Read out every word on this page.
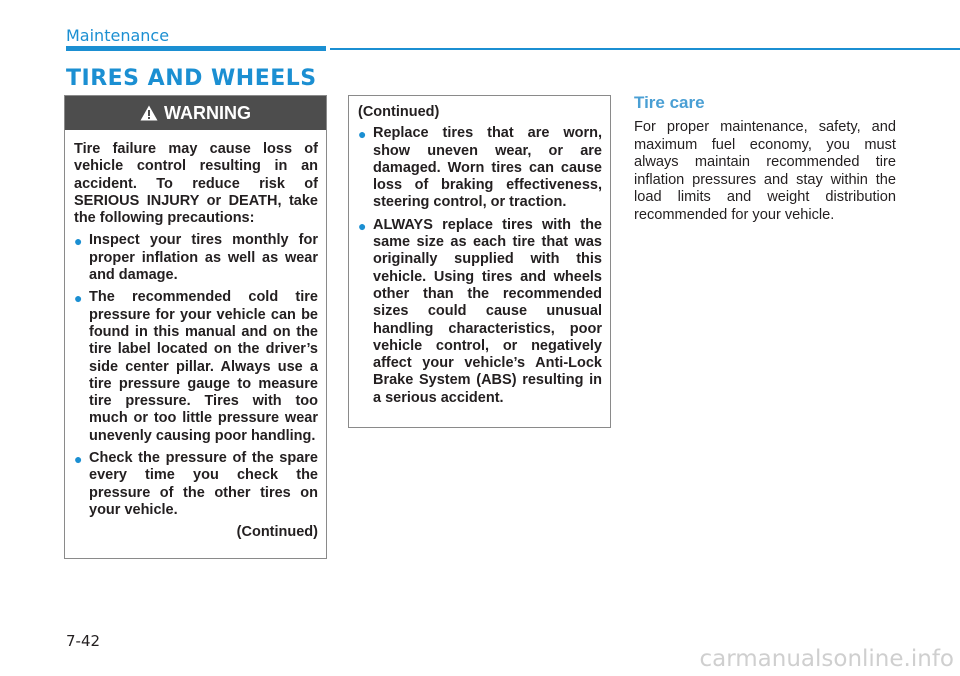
Maintenance
TIRES AND WHEELS
WARNING

Tire failure may cause loss of vehicle control resulting in an accident. To reduce risk of SERIOUS INJURY or DEATH, take the following precautions:

● Inspect your tires monthly for proper inflation as well as wear and damage.
● The recommended cold tire pressure for your vehicle can be found in this manual and on the tire label located on the driver’s side center pillar. Always use a tire pressure gauge to measure tire pressure. Tires with too much or too little pressure wear unevenly causing poor handling.
● Check the pressure of the spare every time you check the pressure of the other tires on your vehicle.
(Continued)

(Continued)

● Replace tires that are worn, show uneven wear, or are damaged. Worn tires can cause loss of braking effectiveness, steering control, or traction.
● ALWAYS replace tires with the same size as each tire that was originally supplied with this vehicle. Using tires and wheels other than the recommended sizes could cause unusual handling characteristics, poor vehicle control, or negatively affect your vehicle’s Anti-Lock Brake System (ABS) resulting in a serious accident.
Tire care

For proper maintenance, safety, and maximum fuel economy, you must always maintain recommended tire inflation pressures and stay within the load limits and weight distribution recommended for your vehicle.

7-42
carmanualsonline.info
